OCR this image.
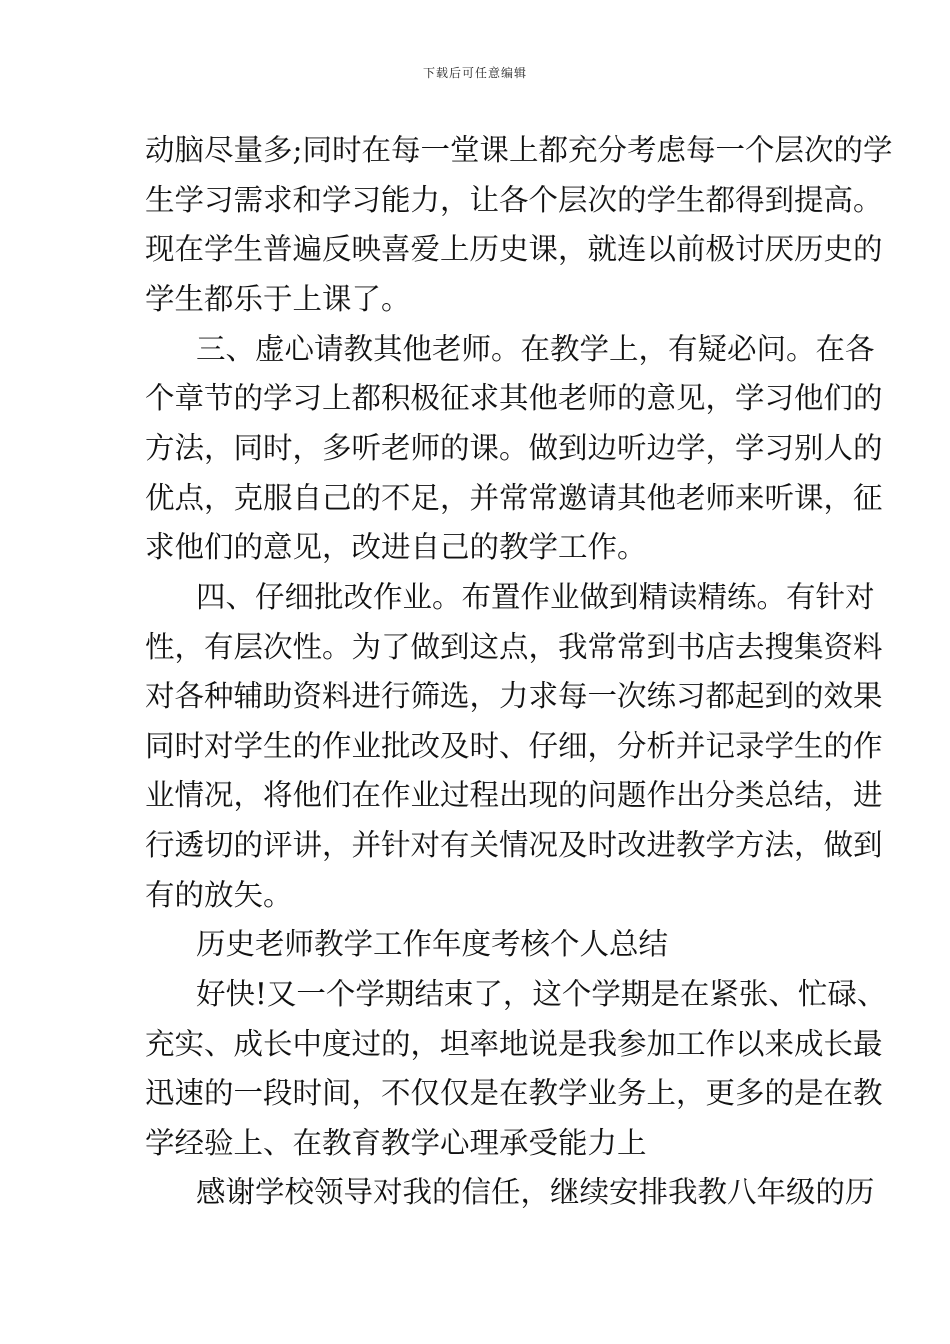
下载后可任意编辑
动脑尽量多;同时在每一堂课上都充分考虑每一个层次的学
生学习需求和学习能力，让各个层次的学生都得到提高。
现在学生普遍反映喜爱上历史课，就连以前极讨厌历史的
学生都乐于上课了。
三、虚心请教其他老师。在教学上，有疑必问。在各
个章节的学习上都积极征求其他老师的意见，学习他们的
方法，同时，多听老师的课。做到边听边学，学习别人的
优点，克服自己的不足，并常常邀请其他老师来听课，征
求他们的意见，改进自己的教学工作。
四、仔细批改作业。布置作业做到精读精练。有针对
性，有层次性。为了做到这点，我常常到书店去搜集资料
对各种辅助资料进行筛选，力求每一次练习都起到的效果
同时对学生的作业批改及时、仔细，分析并记录学生的作
业情况，将他们在作业过程出现的问题作出分类总结，进
行透切的评讲，并针对有关情况及时改进教学方法，做到
有的放矢。
历史老师教学工作年度考核个人总结
好快!又一个学期结束了，这个学期是在紧张、忙碌、
充实、成长中度过的，坦率地说是我参加工作以来成长最
迅速的一段时间，不仅仅是在教学业务上，更多的是在教
学经验上、在教育教学心理承受能力上
感谢学校领导对我的信任，继续安排我教八年级的历
